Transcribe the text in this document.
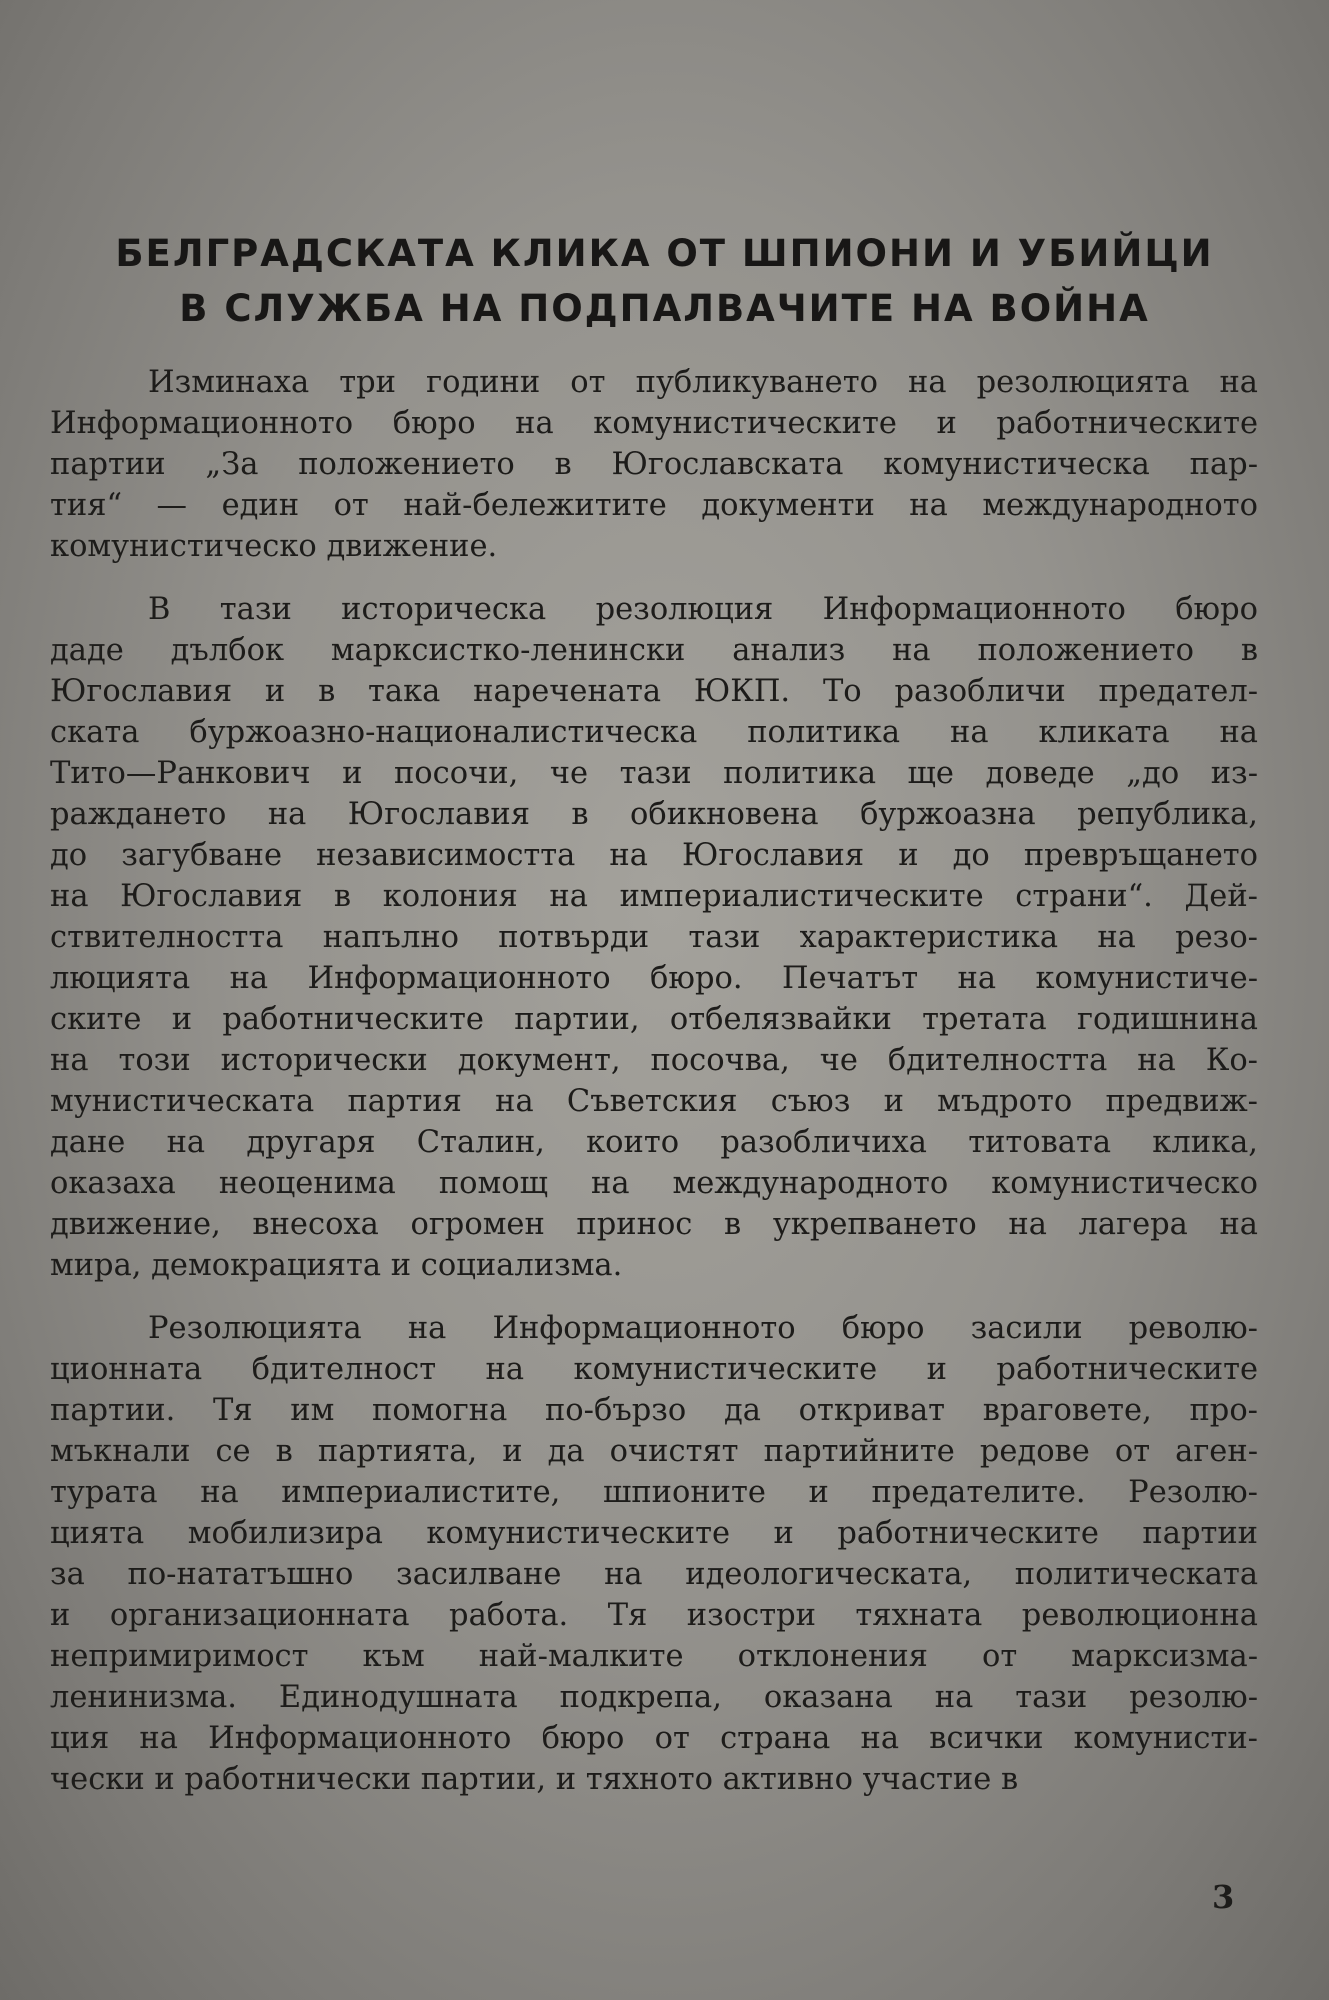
БЕЛГРАДСКАТА КЛИКА ОТ ШПИОНИ И УБИЙЦИ
В СЛУЖБА НА ПОДПАЛВАЧИТЕ НА ВОЙНА
Изминаха три години от публикуването на резолюцията на
Информационното бюро на комунистическите и работническите
партии „За положението в Югославската комунистическа пар-
тия“ — един от най-бележитите документи на международното
комунистическо движение.
В тази историческа резолюция Информационното бюро
даде дълбок марксистко-ленински анализ на положението в
Югославия и в така наречената ЮКП. То разобличи предател-
ската буржоазно-националистическа политика на кликата на
Тито—Ранкович и посочи, че тази политика ще доведе „до из-
раждането на Югославия в обикновена буржоазна република,
до загубване независимостта на Югославия и до превръщането
на Югославия в колония на империалистическите страни“. Дей-
ствителността напълно потвърди тази характеристика на резо-
люцията на Информационното бюро. Печатът на комунистиче-
ските и работническите партии, отбелязвайки третата годишнина
на този исторически документ, посочва, че бдителността на Ко-
мунистическата партия на Съветския съюз и мъдрото предвиж-
дане на другаря Сталин, които разобличиха титовата клика,
оказаха неоценима помощ на международното комунистическо
движение, внесоха огромен принос в укрепването на лагера на
мира, демокрацията и социализма.
Резолюцията на Информационното бюро засили револю-
ционната бдителност на комунистическите и работническите
партии. Тя им помогна по-бързо да откриват враговете, про-
мъкнали се в партията, и да очистят партийните редове от аген-
турата на империалистите, шпионите и предателите. Резолю-
цията мобилизира комунистическите и работническите партии
за по-нататъшно засилване на идеологическата, политическата
и организационната работа. Тя изостри тяхната революционна
непримиримост към най-малките отклонения от марксизма-
ленинизма. Единодушната подкрепа, оказана на тази резолю-
ция на Информационното бюро от страна на всички комунисти-
чески и работнически партии, и тяхното активно участие в
3
